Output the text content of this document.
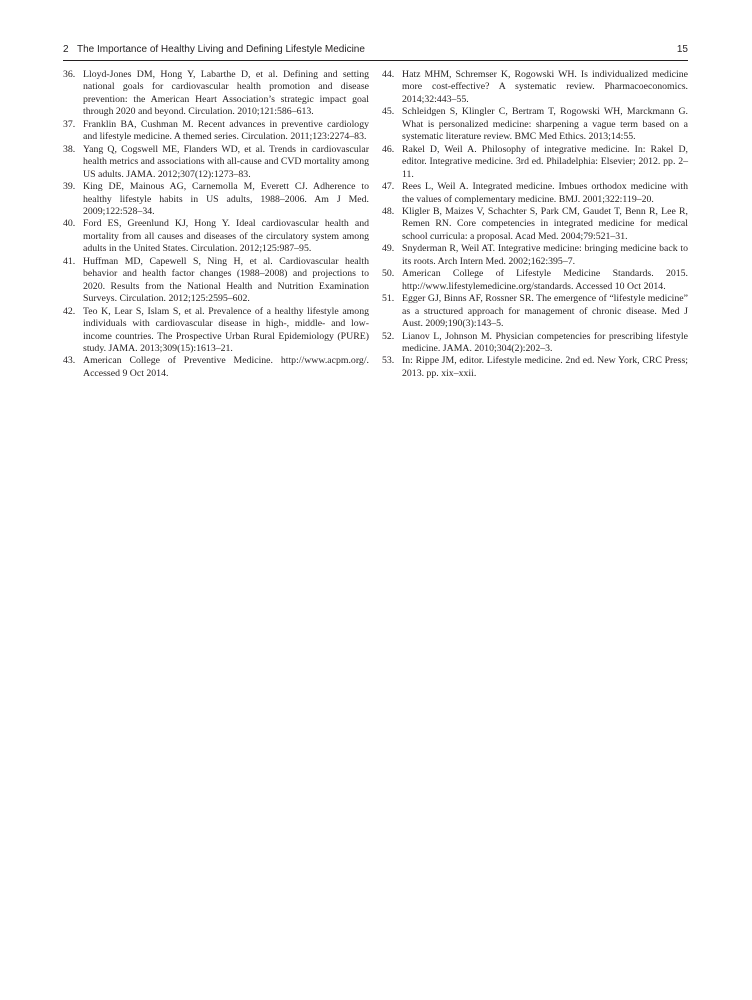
2 The Importance of Healthy Living and Defining Lifestyle Medicine	15

36. Lloyd-Jones DM, Hong Y, Labarthe D, et al. Defining and setting national goals for cardiovascular health promotion and disease prevention: the American Heart Association’s strategic impact goal through 2020 and beyond. Circulation. 2010;121:586–613.

37. Franklin BA, Cushman M. Recent advances in preventive cardiology and lifestyle medicine. A themed series. Circulation. 2011;123:2274–83.

38. Yang Q, Cogswell ME, Flanders WD, et al. Trends in cardiovascular health metrics and associations with all-cause and CVD mortality among US adults. JAMA. 2012;307(12):1273–83.

39. King DE, Mainous AG, Carnemolla M, Everett CJ. Adherence to healthy lifestyle habits in US adults, 1988–2006. Am J Med. 2009;122:528–34.

40. Ford ES, Greenlund KJ, Hong Y. Ideal cardiovascular health and mortality from all causes and diseases of the circulatory system among adults in the United States. Circulation. 2012;125:987–95.

41. Huffman MD, Capewell S, Ning H, et al. Cardiovascular health behavior and health factor changes (1988–2008) and projections to 2020. Results from the National Health and Nutrition Examination Surveys. Circulation. 2012;125:2595–602.

42. Teo K, Lear S, Islam S, et al. Prevalence of a healthy lifestyle among individuals with cardiovascular disease in high-, middle- and low-income countries. The Prospective Urban Rural Epidemiology (PURE) study. JAMA. 2013;309(15):1613–21.

43. American College of Preventive Medicine. http://www.acpm.org/. Accessed 9 Oct 2014.

44. Hatz MHM, Schremser K, Rogowski WH. Is individualized medicine more cost-effective? A systematic review. Pharmacoeconomics. 2014;32:443–55.

45. Schleidgen S, Klingler C, Bertram T, Rogowski WH, Marckmann G. What is personalized medicine: sharpening a vague term based on a systematic literature review. BMC Med Ethics. 2013;14:55.

46. Rakel D, Weil A. Philosophy of integrative medicine. In: Rakel D, editor. Integrative medicine. 3rd ed. Philadelphia: Elsevier; 2012. pp. 2–11.

47. Rees L, Weil A. Integrated medicine. Imbues orthodox medicine with the values of complementary medicine. BMJ. 2001;322:119–20.

48. Kligler B, Maizes V, Schachter S, Park CM, Gaudet T, Benn R, Lee R, Remen RN. Core competencies in integrated medicine for medical school curricula: a proposal. Acad Med. 2004;79:521–31.

49. Snyderman R, Weil AT. Integrative medicine: bringing medicine back to its roots. Arch Intern Med. 2002;162:395–7.

50. American College of Lifestyle Medicine Standards. 2015. http://www.lifestylemedicine.org/standards. Accessed 10 Oct 2014.

51. Egger GJ, Binns AF, Rossner SR. The emergence of “lifestyle medicine” as a structured approach for management of chronic disease. Med J Aust. 2009;190(3):143–5.

52. Lianov L, Johnson M. Physician competencies for prescribing lifestyle medicine. JAMA. 2010;304(2):202–3.

53. In: Rippe JM, editor. Lifestyle medicine. 2nd ed. New York, CRC Press; 2013. pp. xix–xxii.
